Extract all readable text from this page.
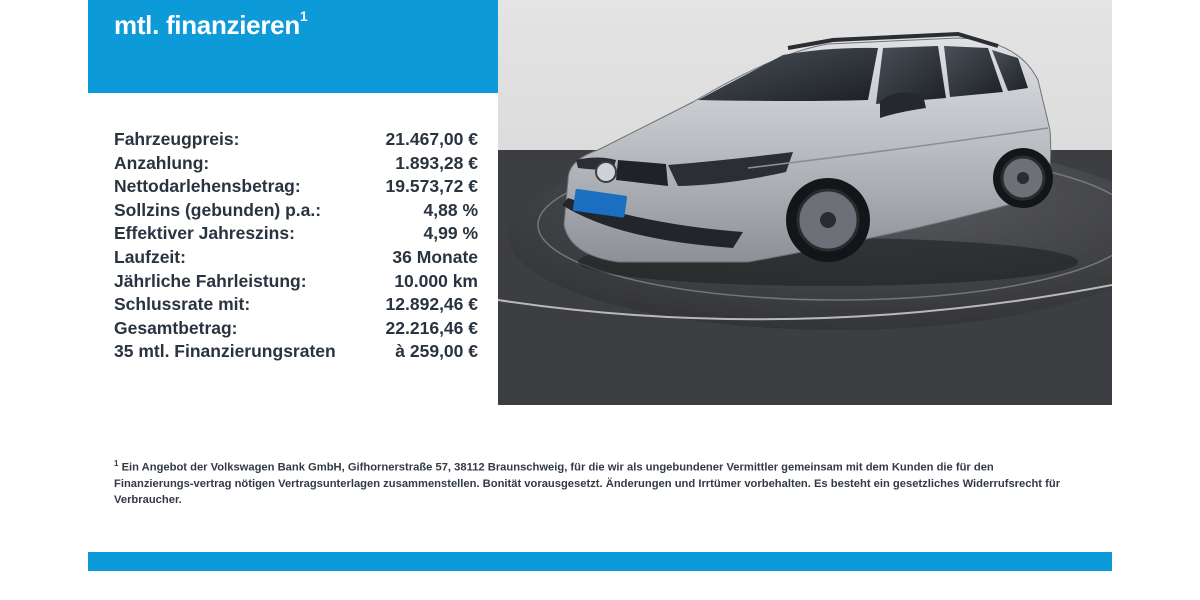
mtl. finanzieren$^1$
Fahrzeugpreis:	21.467,00 €
Anzahlung:	1.893,28 €
Nettodarlehensbetrag:	19.573,72 €
Sollzins (gebunden) p.a.:	4,88 %
Effektiver Jahreszins:	4,99 %
Laufzeit:	36 Monate
Jährliche Fahrleistung:	10.000 km
Schlussrate mit:	12.892,46 €
Gesamtbetrag:	22.216,46 €
35 mtl. Finanzierungsraten	à 259,00 €
$^1$ Ein Angebot der Volkswagen Bank GmbH, Gifhornerstraße 57, 38112 Braunschweig, für die wir als ungebundener Vermittler gemeinsam mit dem Kunden die für den Finanzierungs-vertrag nötigen Vertragsunterlagen zusammenstellen. Bonität vorausgesetzt. Änderungen und Irrtümer vorbehalten. Es besteht ein gesetzliches Widerrufsrecht für Verbraucher.
